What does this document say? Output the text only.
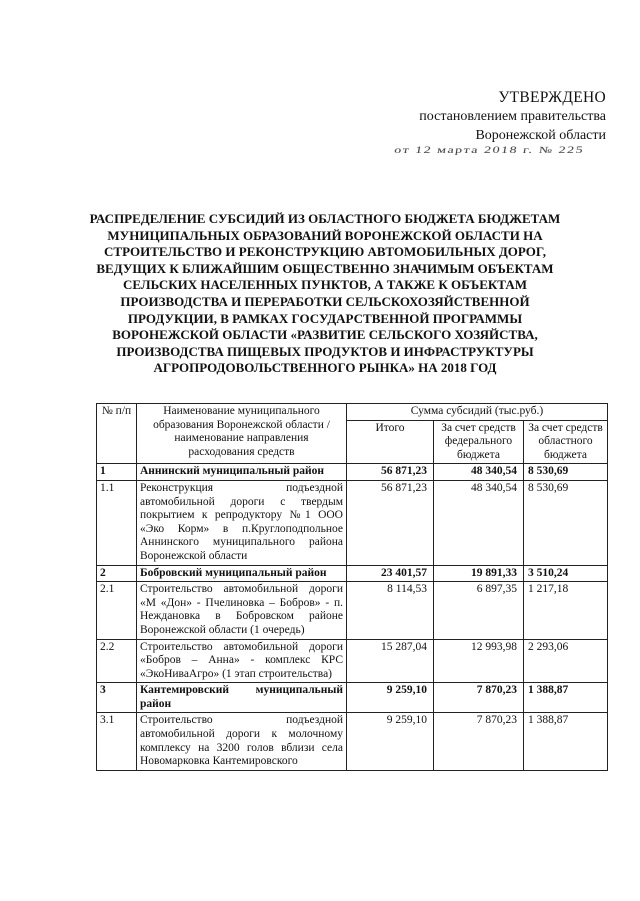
УТВЕРЖДЕНО
постановлением правительства
Воронежской области
от 12 марта 2018 г. № 225
РАСПРЕДЕЛЕНИЕ СУБСИДИЙ ИЗ ОБЛАСТНОГО БЮДЖЕТА БЮДЖЕТАМ
МУНИЦИПАЛЬНЫХ ОБРАЗОВАНИЙ ВОРОНЕЖСКОЙ ОБЛАСТИ НА
СТРОИТЕЛЬСТВО И РЕКОНСТРУКЦИЮ АВТОМОБИЛЬНЫХ ДОРОГ,
ВЕДУЩИХ К БЛИЖАЙШИМ ОБЩЕСТВЕННО ЗНАЧИМЫМ ОБЪЕКТАМ
СЕЛЬСКИХ НАСЕЛЕННЫХ ПУНКТОВ, А ТАКЖЕ К ОБЪЕКТАМ
ПРОИЗВОДСТВА И ПЕРЕРАБОТКИ СЕЛЬСКОХОЗЯЙСТВЕННОЙ
ПРОДУКЦИИ, В РАМКАХ ГОСУДАРСТВЕННОЙ ПРОГРАММЫ
ВОРОНЕЖСКОЙ ОБЛАСТИ «РАЗВИТИЕ СЕЛЬСКОГО ХОЗЯЙСТВА,
ПРОИЗВОДСТВА ПИЩЕВЫХ ПРОДУКТОВ И ИНФРАСТРУКТУРЫ
АГРОПРОДОВОЛЬСТВЕННОГО РЫНКА» НА 2018 ГОД
№ п/п	Наименование муниципального образования Воронежской области / наименование направления расходования средств	Сумма субсидий (тыс.руб.)		
		Итого	За счет средств федерального бюджета	За счет средств областного бюджета
1	Аннинский муниципальный район	56 871,23	48 340,54	8 530,69
1.1	Реконструкция подъездной автомобильной дороги с твердым покрытием к репродуктору №1 ООО «Эко Корм» в п.Круглоподпольное Аннинского муниципального района Воронежской области	56 871,23	48 340,54	8 530,69
2	Бобровский муниципальный район	23 401,57	19 891,33	3 510,24
2.1	Строительство автомобильной дороги «М «Дон» - Пчелиновка – Бобров» - п. Неждановка в Бобровском районе Воронежской области (1 очередь)	8 114,53	6 897,35	1 217,18
2.2	Строительство автомобильной дороги «Бобров – Анна» - комплекс КРС «ЭкоНиваАгро» (1 этап строительства)	15 287,04	12 993,98	2 293,06
3	Кантемировский муниципальный район	9 259,10	7 870,23	1 388,87
3.1	Строительство подъездной автомобильной дороги к молочному комплексу на 3200 голов вблизи села Новомарковка Кантемировского	9 259,10	7 870,23	1 388,87
